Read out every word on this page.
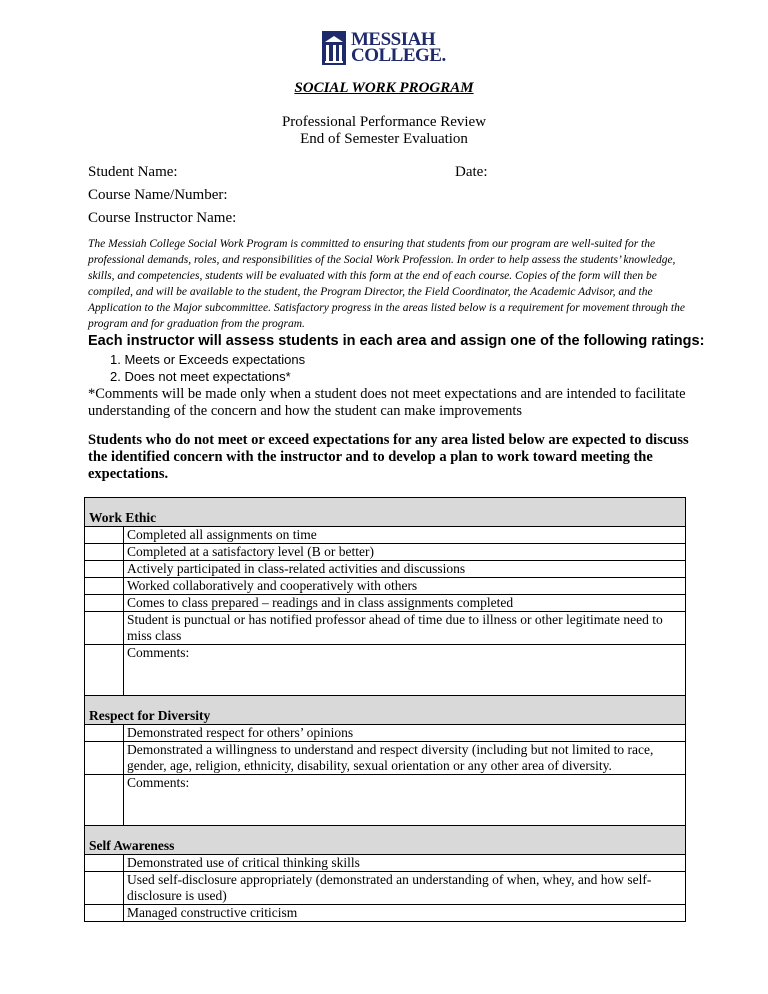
MESSIAH
COLLEGE.
SOCIAL WORK PROGRAM
Professional Performance Review
End of Semester Evaluation
Student Name:	Date:
Course Name/Number:
Course Instructor Name:
The Messiah College Social Work Program is committed to ensuring that students from our program are well-suited for the professional demands, roles, and responsibilities of the Social Work Profession. In order to help assess the students’ knowledge, skills, and competencies, students will be evaluated with this form at the end of each course. Copies of the form will then be compiled, and will be available to the student, the Program Director, the Field Coordinator, the Academic Advisor, and the Application to the Major subcommittee. Satisfactory progress in the areas listed below is a requirement for movement through the program and for graduation from the program.
Each instructor will assess students in each area and assign one of the following ratings:
1. Meets or Exceeds expectations
2. Does not meet expectations*
*Comments will be made only when a student does not meet expectations and are intended to facilitate understanding of the concern and how the student can make improvements
Students who do not meet or exceed expectations for any area listed below are expected to discuss the identified concern with the instructor and to develop a plan to work toward meeting the expectations.

Work Ethic	
	Completed all assignments on time
	Completed at a satisfactory level (B or better)
	Actively participated in class-related activities and discussions
	Worked collaboratively and cooperatively with others
	Comes to class prepared – readings and in class assignments completed
	Student is punctual or has notified professor ahead of time due to illness or other legitimate need to miss class
	Comments:

Respect for Diversity	
	Demonstrated respect for others’ opinions
	Demonstrated a willingness to understand and respect diversity (including but not limited to race, gender, age, religion, ethnicity, disability, sexual orientation or any other area of diversity.
	Comments:

Self Awareness	
	Demonstrated use of critical thinking skills
	Used self-disclosure appropriately (demonstrated an understanding of when, whey, and how self-disclosure is used)
	Managed constructive criticism
